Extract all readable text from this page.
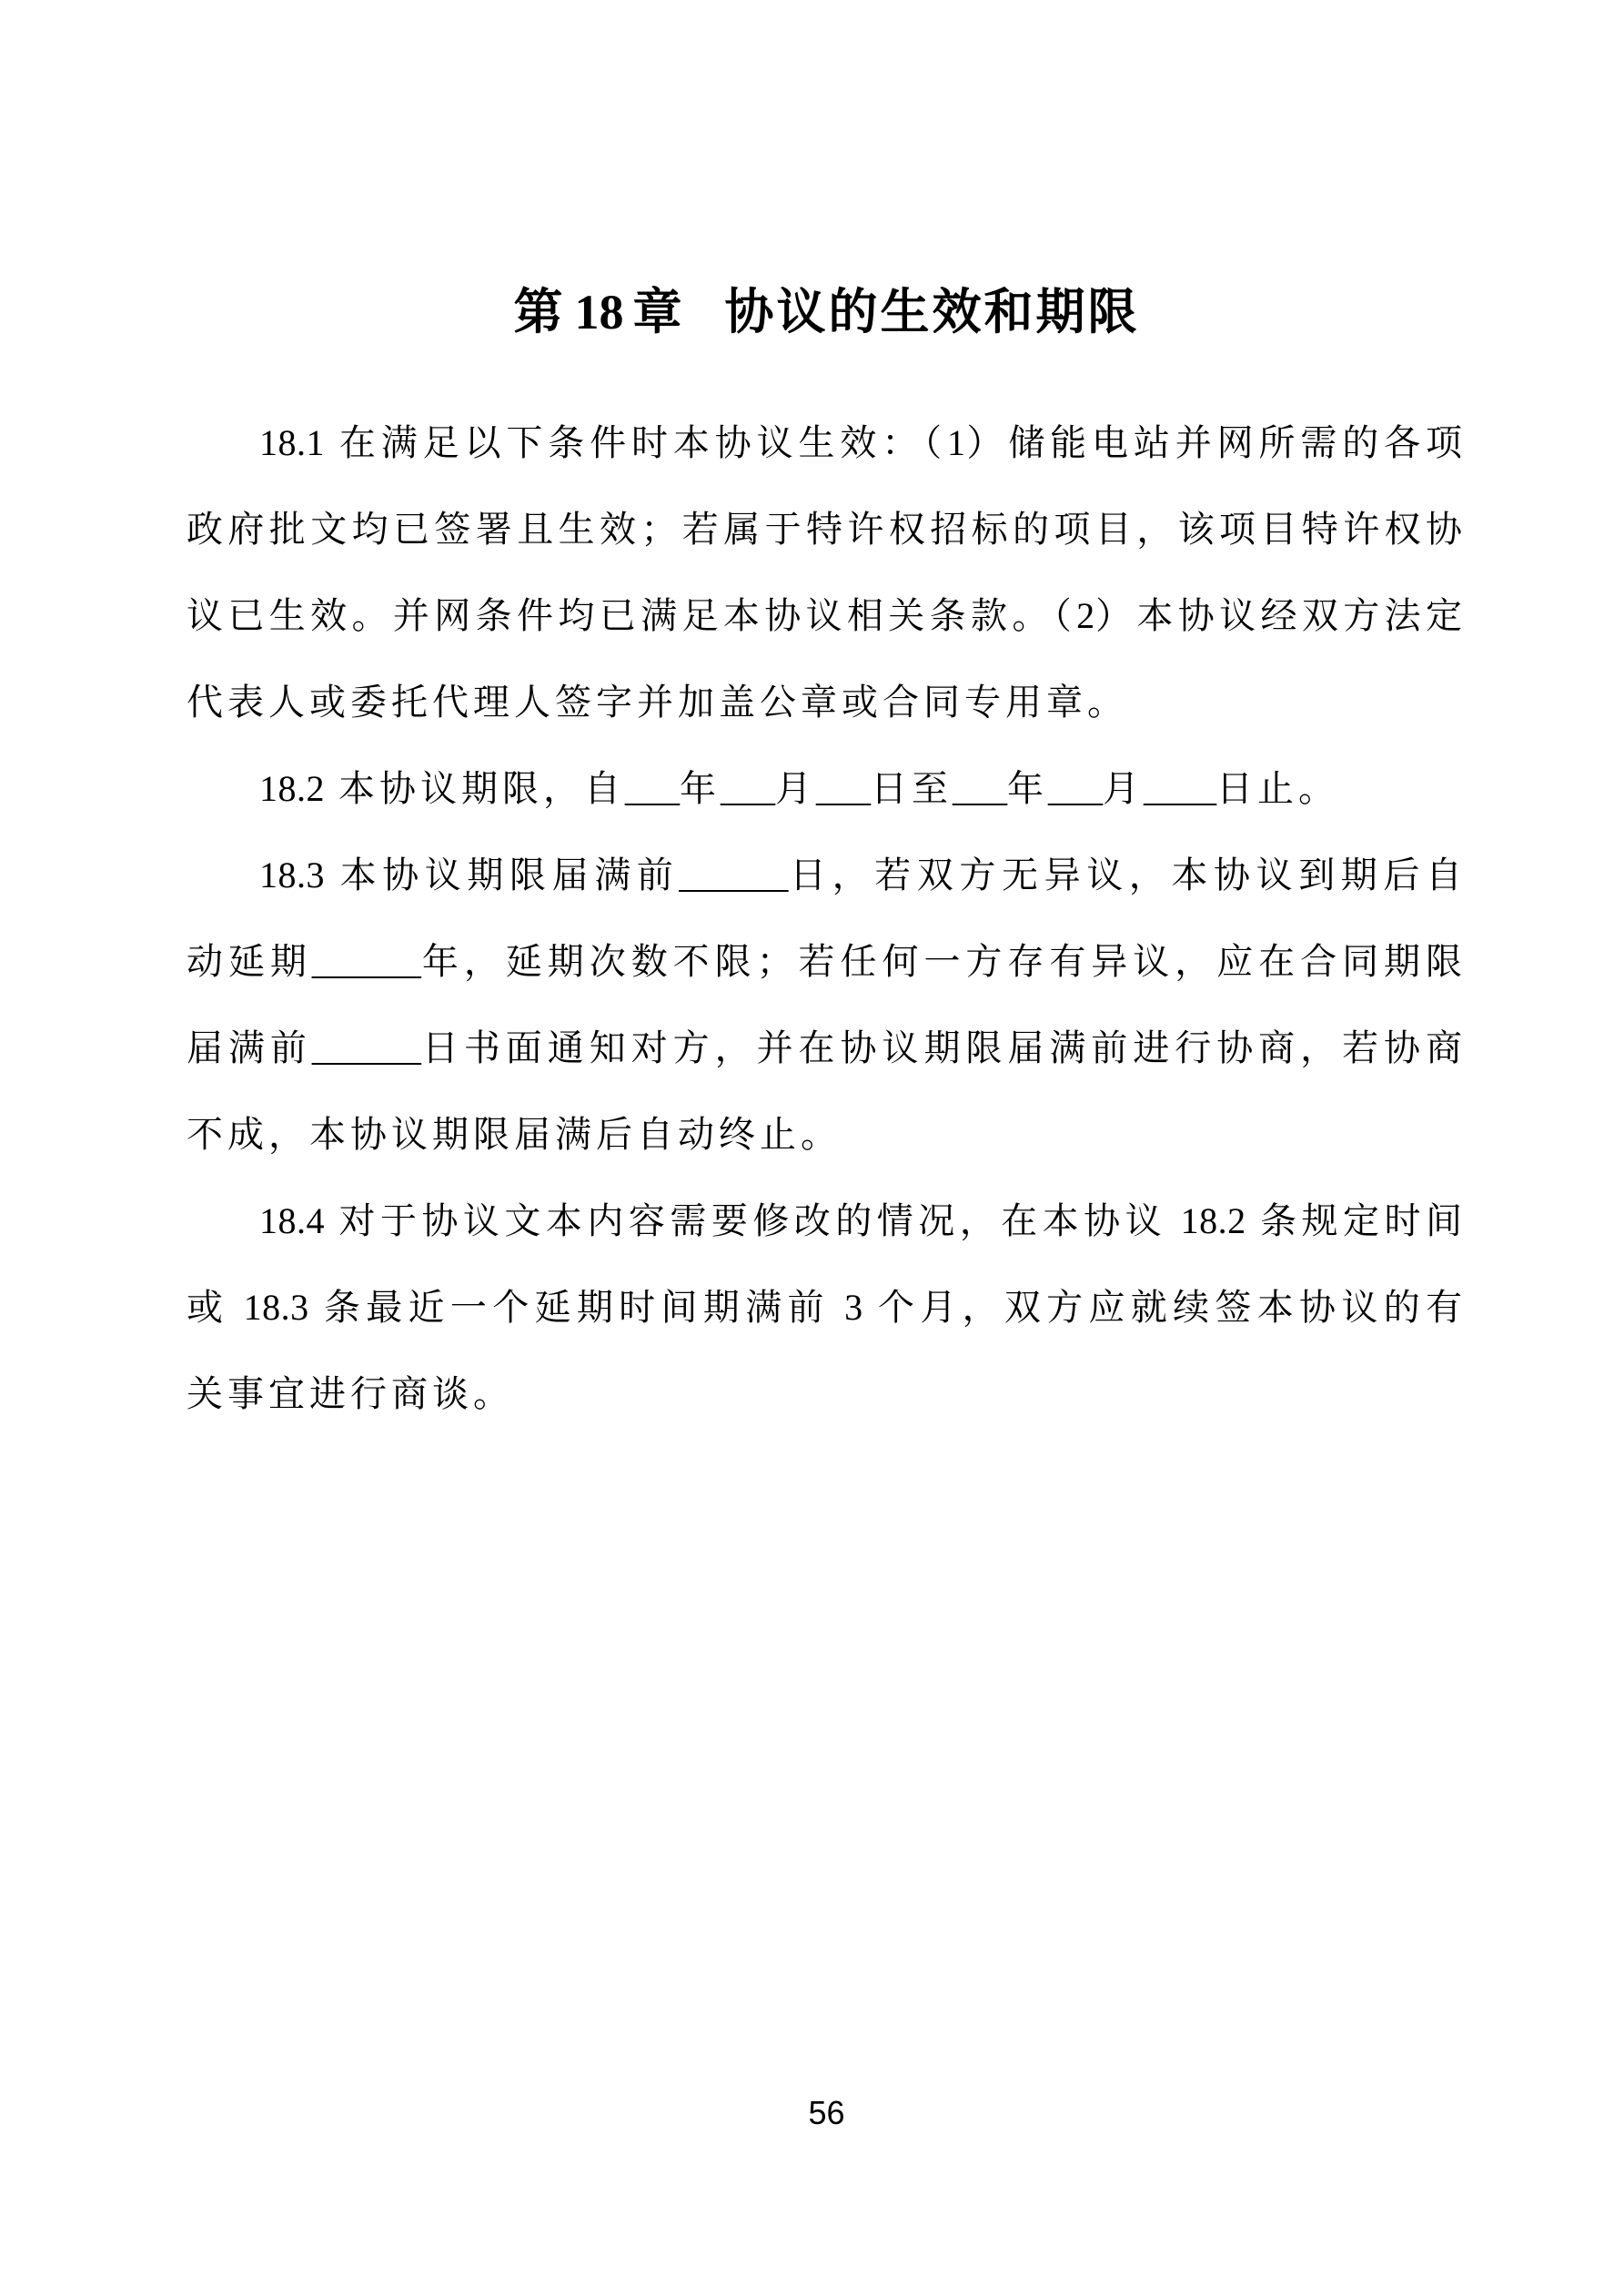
第 18 章 协议的生效和期限

18.1 在满足以下条件时本协议生效：（1）储能电站并网所需的各项政府批文均已签署且生效；若属于特许权招标的项目，该项目特许权协议已生效。并网条件均已满足本协议相关条款。（2）本协议经双方法定代表人或委托代理人签字并加盖公章或合同专用章。

18.2 本协议期限，自___年___月___日至___年___月____日止。

18.3 本协议期限届满前______日，若双方无异议，本协议到期后自动延期______年，延期次数不限；若任何一方存有异议，应在合同期限届满前______日书面通知对方，并在协议期限届满前进行协商，若协商不成，本协议期限届满后自动终止。

18.4 对于协议文本内容需要修改的情况，在本协议 18.2 条规定时间或 18.3 条最近一个延期时间期满前 3 个月，双方应就续签本协议的有关事宜进行商谈。

56
